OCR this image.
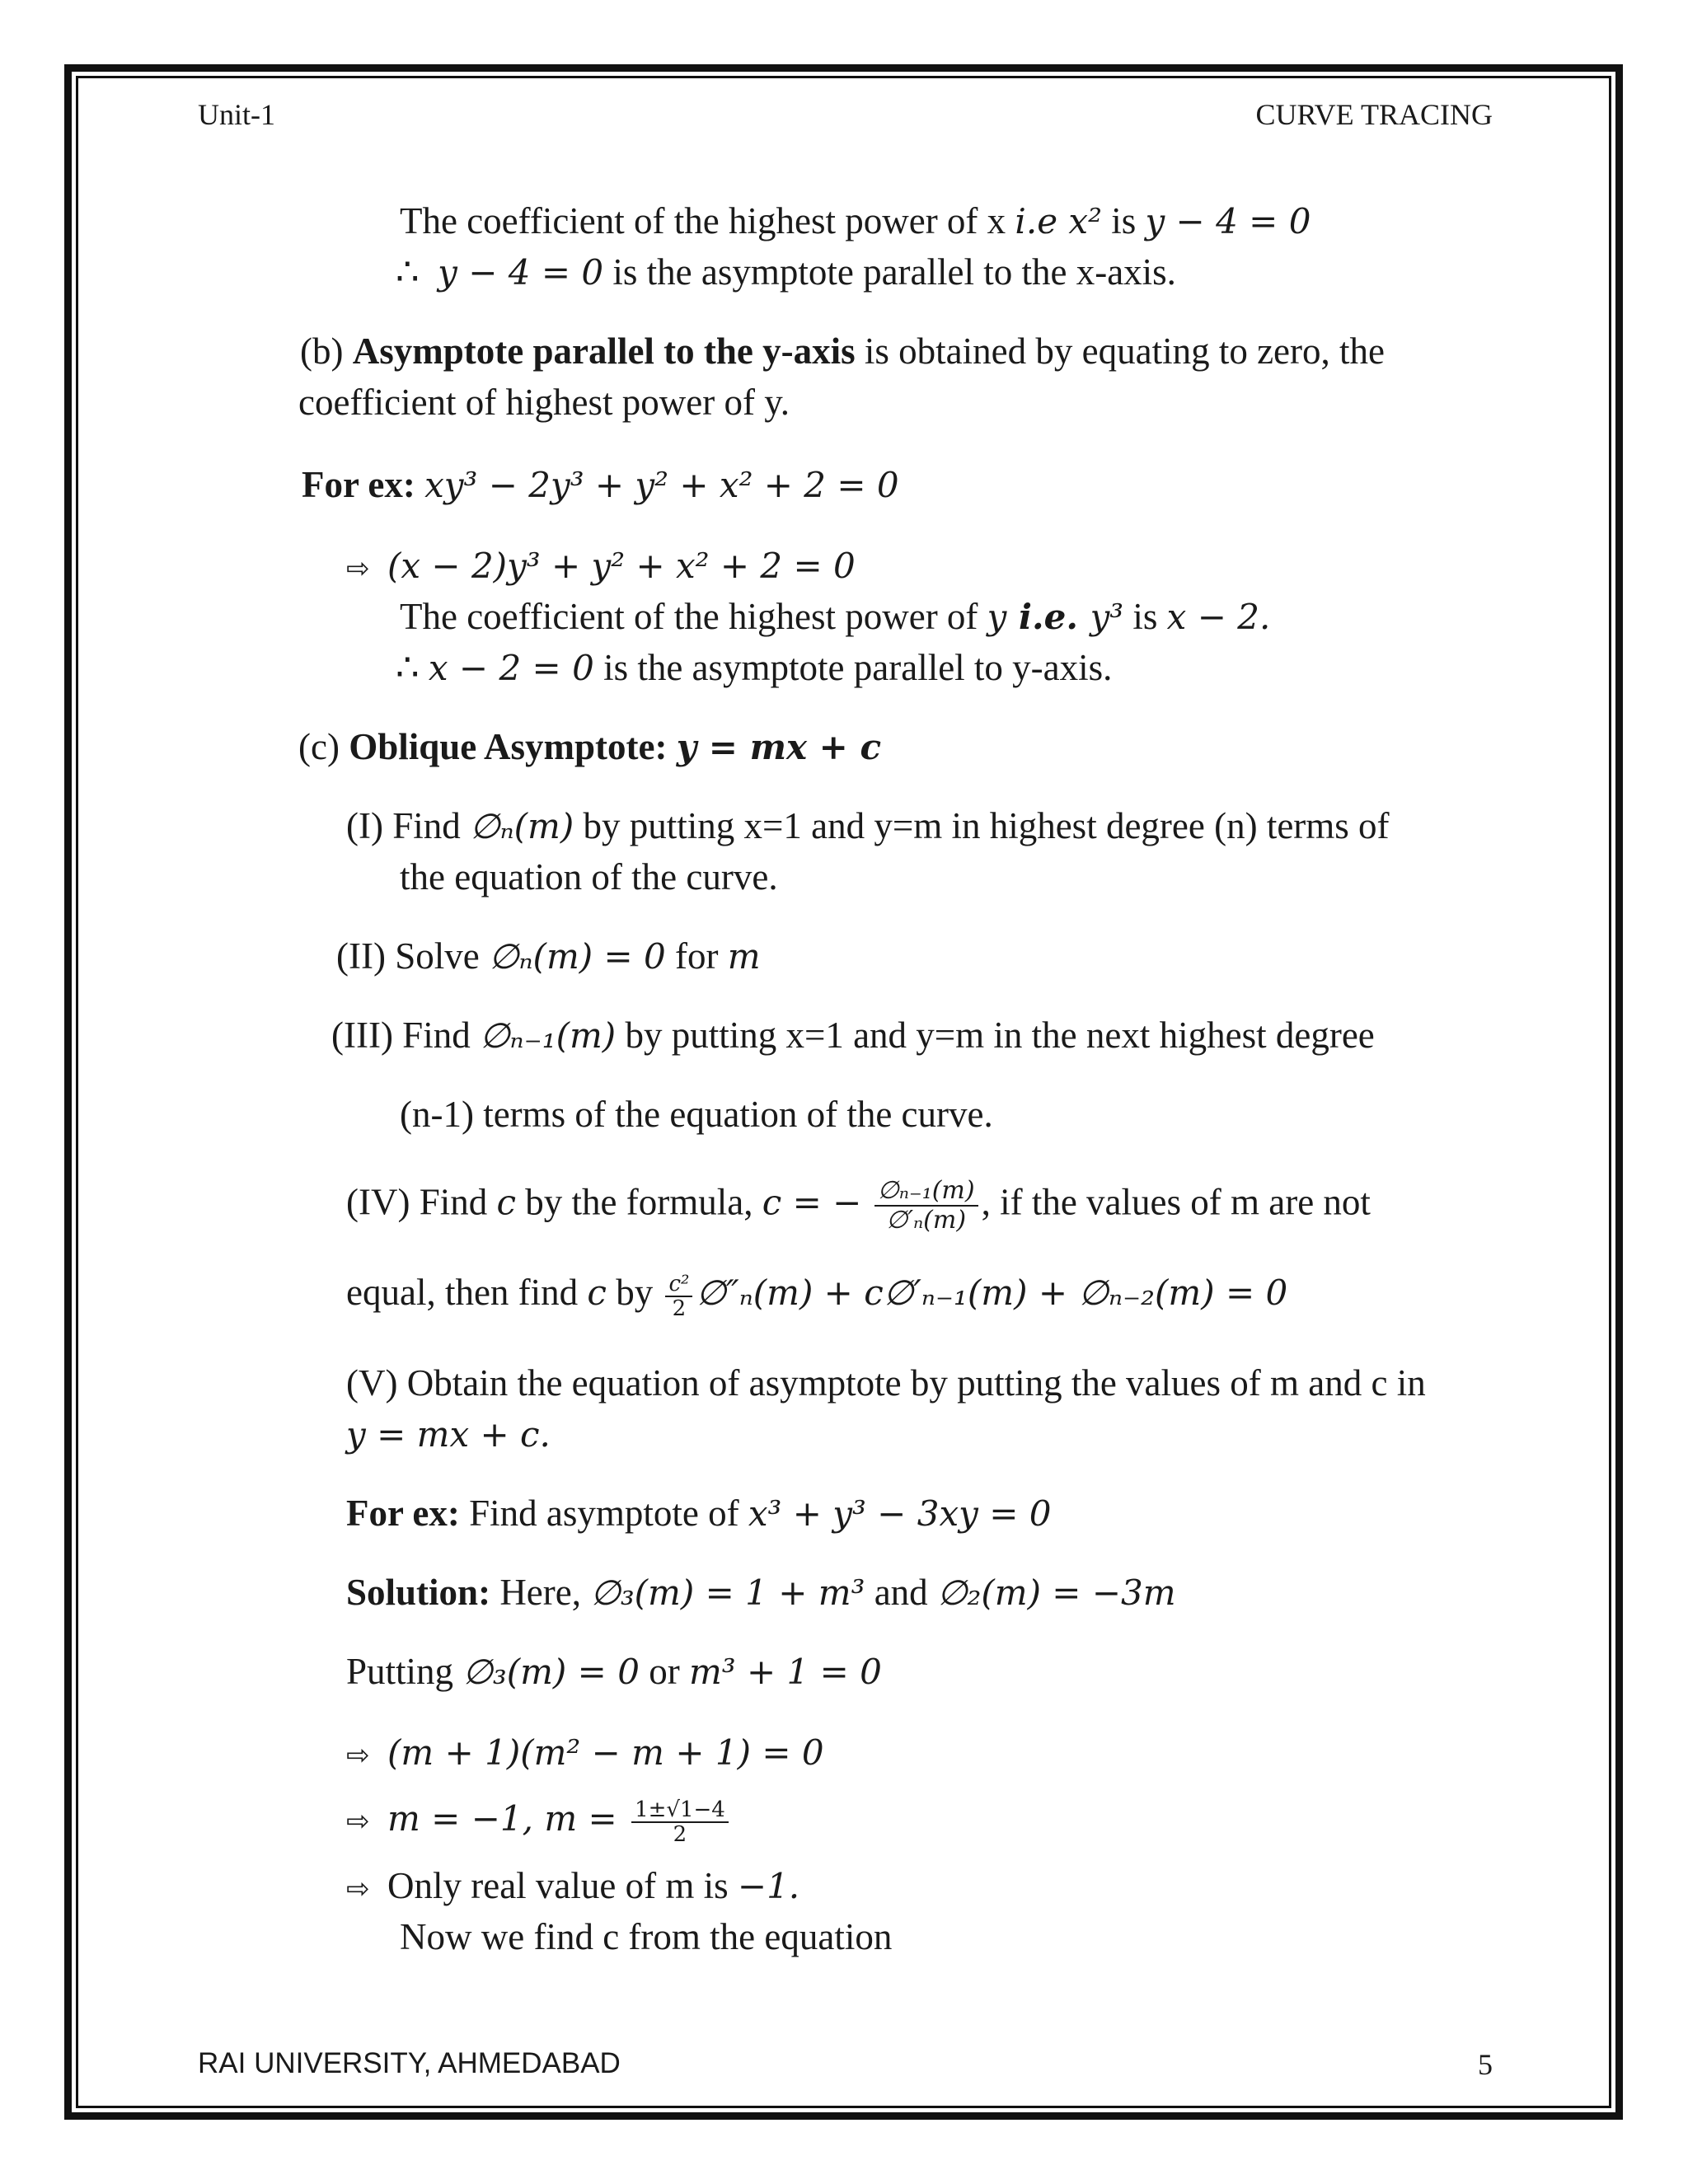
Unit-1	CURVE TRACING
The coefficient of the highest power of x i.e x² is y − 4 = 0
∴ y − 4 = 0 is the asymptote parallel to the x-axis.
(b) Asymptote parallel to the y-axis is obtained by equating to zero, the
coefficient of highest power of y.
For ex: xy³ − 2y³ + y² + x² + 2 = 0
⇨ (x − 2)y³ + y² + x² + 2 = 0
The coefficient of the highest power of y i.e. y³ is x − 2.
∴ x − 2 = 0 is the asymptote parallel to y-axis.
(c) Oblique Asymptote: y = mx + c
(I) Find ∅ₙ(m) by putting x=1 and y=m in highest degree (n) terms of
the equation of the curve.
(II) Solve ∅ₙ(m) = 0 for m
(III) Find ∅ₙ₋₁(m) by putting x=1 and y=m in the next highest degree
(n-1) terms of the equation of the curve.
(IV) Find c by the formula, c = − $\frac{\text{∅ₙ₋₁(m)}}{\text{∅′ₙ(m)}}$ , if the values of m are not
equal, then find c by $\frac{\text{c²}}{2}$ ∅″ₙ(m) + c∅′ₙ₋₁(m) + ∅ₙ₋₂(m) = 0
(V) Obtain the equation of asymptote by putting the values of m and c in
y = mx + c.
For ex: Find asymptote of x³ + y³ − 3xy = 0
Solution: Here, ∅₃(m) = 1 + m³ and ∅₂(m) = −3m
Putting ∅₃(m) = 0 or m³ + 1 = 0
⇨ (m + 1)(m² − m + 1) = 0
⇨ m = −1, $m = \frac{1\pm√1-4}{2}$
⇨ Only real value of m is −1.
Now we find c from the equation
RAI UNIVERSITY, AHMEDABAD	5
